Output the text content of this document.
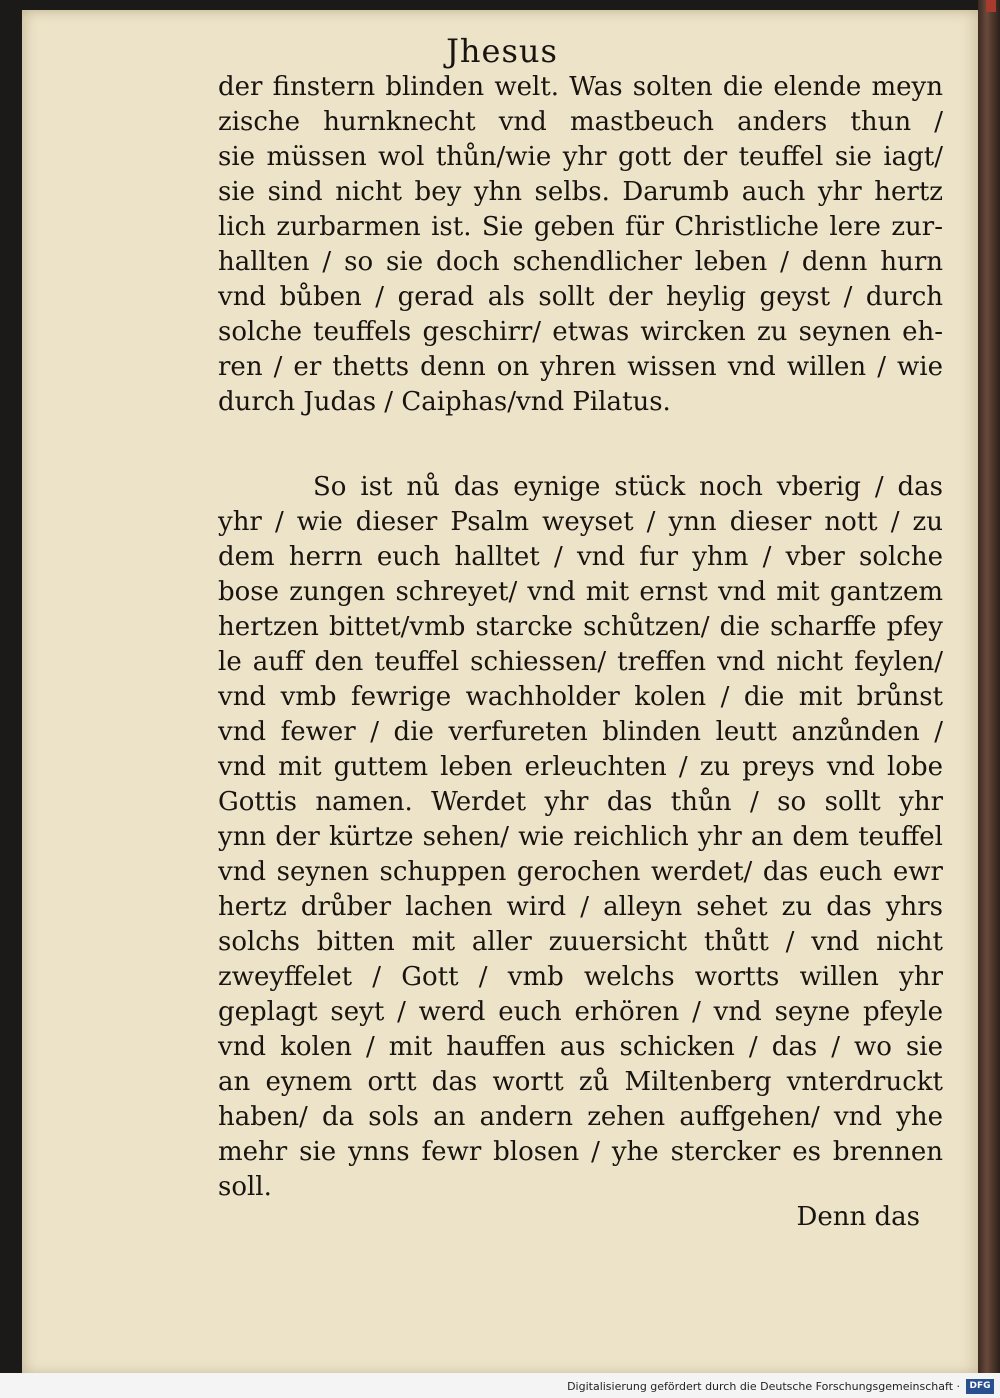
Jhesus
der finstern blinden welt. Was solten die elende meyn
zische hurnknecht vnd mastbeuch anders thun /
sie müssen wol thůn/wie yhr gott der teuffel sie iagt/
sie sind nicht bey yhn selbs. Darumb auch yhr hertz
lich zurbarmen ist. Sie geben für Christliche lere zur-
hallten / so sie doch schendlicher leben / denn hurn
vnd bůben / gerad als sollt der heylig geyst / durch
solche teuffels geschirr/ etwas wircken zu seynen eh-
ren / er thetts denn on yhren wissen vnd willen / wie
durch Judas / Caiphas/vnd Pilatus.
So ist nů das eynige stück noch vberig / das
yhr / wie dieser Psalm weyset / ynn dieser nott / zu
dem herrn euch halltet / vnd fur yhm / vber solche
bose zungen schreyet/ vnd mit ernst vnd mit gantzem
hertzen bittet/vmb starcke schůtzen/ die scharffe pfey
le auff den teuffel schiessen/ treffen vnd nicht feylen/
vnd vmb fewrige wachholder kolen / die mit brůnst
vnd fewer / die verfureten blinden leutt anzůnden /
vnd mit guttem leben erleuchten / zu preys vnd lobe
Gottis namen. Werdet yhr das thůn / so sollt yhr
ynn der kürtze sehen/ wie reichlich yhr an dem teuffel
vnd seynen schuppen gerochen werdet/ das euch ewr
hertz drůber lachen wird / alleyn sehet zu das yhrs
solchs bitten mit aller zuuersicht thůtt / vnd nicht
zweyffelet / Gott / vmb welchs wortts willen yhr
geplagt seyt / werd euch erhören / vnd seyne pfeyle
vnd kolen / mit hauffen aus schicken / das / wo sie
an eynem ortt das wortt zů Miltenberg vnterdruckt
haben/ da sols an andern zehen auffgehen/ vnd yhe
mehr sie ynns fewr blosen / yhe stercker es brennen
soll.
Denn das
Digitalisierung gefördert durch die Deutsche Forschungsgemeinschaft ·	DFG
